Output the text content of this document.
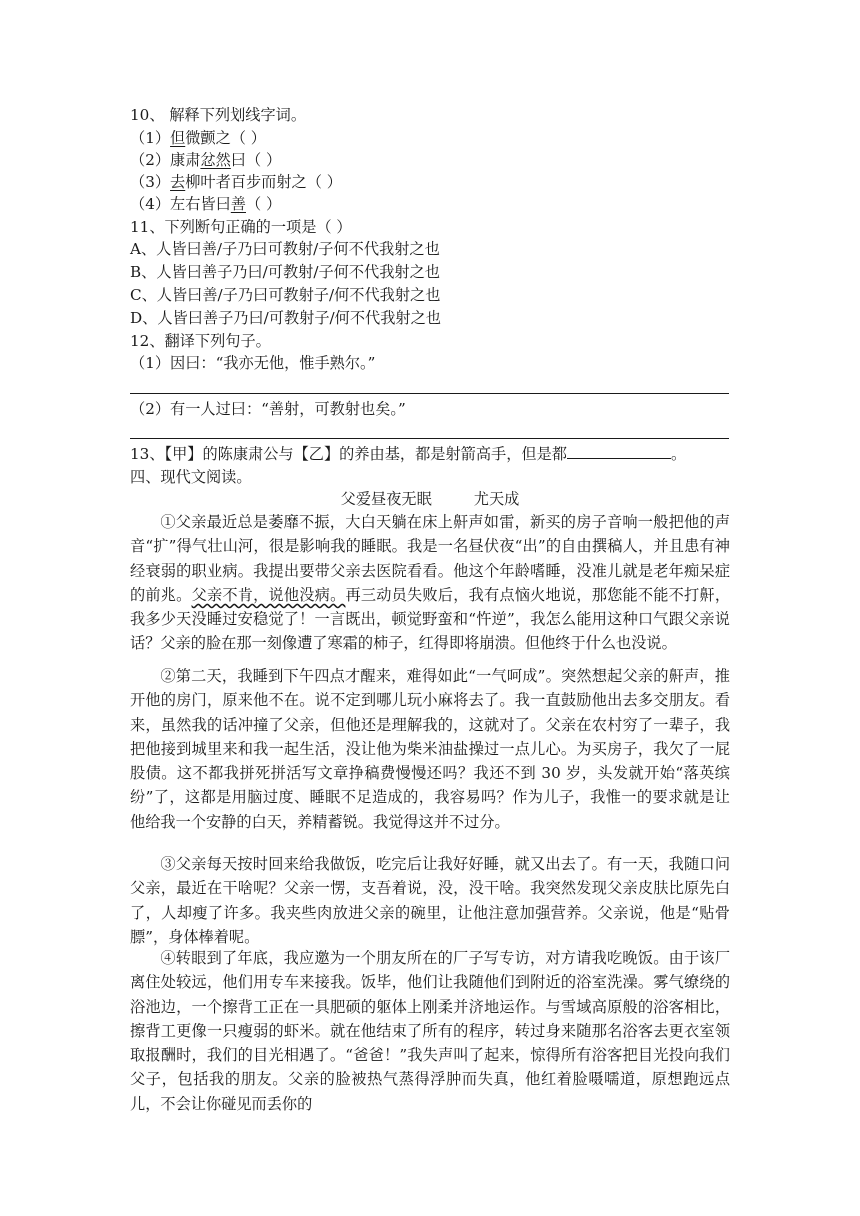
10、 解释下列划线字词。
（1）但微颤之（ ）
（2）康肃忿然曰（ ）
（3）去柳叶者百步而射之（ ）
（4）左右皆曰善（ ）
11、下列断句正确的一项是（ ）
A、人皆曰善/子乃曰可教射/子何不代我射之也
B、人皆曰善子乃曰/可教射/子何不代我射之也
C、人皆曰善/子乃曰可教射子/何不代我射之也
D、人皆曰善子乃曰/可教射子/何不代我射之也
12、翻译下列句子。
（1）因曰：“我亦无他，惟手熟尔。”
（2）有一人过曰：“善射，可教射也矣。”
13、【甲】的陈康肃公与【乙】的养由基，都是射箭高手，但是都	。
四、现代文阅读。
父爱昼夜无眠	尤天成

①父亲最近总是萎靡不振，大白天躺在床上鼾声如雷，新买的房子音响一般把他的声音“扩”得气壮山河，很是影响我的睡眠。我是一名昼伏夜“出”的自由撰稿人，并且患有神经衰弱的职业病。我提出要带父亲去医院看看。他这个年龄嗜睡，没准儿就是老年痴呆症的前兆。父亲不肯，说他没病。再三动员失败后，我有点恼火地说，那您能不能不打鼾，我多少天没睡过安稳觉了！一言既出，顿觉野蛮和“忤逆”，我怎么能用这种口气跟父亲说话？父亲的脸在那一刻像遭了寒霜的柿子，红得即将崩溃。但他终于什么也没说。

②第二天，我睡到下午四点才醒来，难得如此“一气呵成”。突然想起父亲的鼾声，推开他的房门，原来他不在。说不定到哪儿玩小麻将去了。我一直鼓励他出去多交朋友。看来，虽然我的话冲撞了父亲，但他还是理解我的，这就对了。父亲在农村穷了一辈子，我把他接到城里来和我一起生活，没让他为柴米油盐操过一点儿心。为买房子，我欠了一屁股债。这不都我拼死拼活写文章挣稿费慢慢还吗？我还不到 30 岁，头发就开始“落英缤纷”了，这都是用脑过度、睡眠不足造成的，我容易吗？作为儿子，我惟一的要求就是让他给我一个安静的白天，养精蓄锐。我觉得这并不过分。

③父亲每天按时回来给我做饭，吃完后让我好好睡，就又出去了。有一天，我随口问父亲，最近在干啥呢？父亲一愣，支吾着说，没，没干啥。我突然发现父亲皮肤比原先白了，人却瘦了许多。我夹些肉放进父亲的碗里，让他注意加强营养。父亲说，他是“贴骨膘”，身体棒着呢。

④转眼到了年底，我应邀为一个朋友所在的厂子写专访，对方请我吃晚饭。由于该厂离住处较远，他们用专车来接我。饭毕，他们让我随他们到附近的浴室洗澡。雾气缭绕的浴池边，一个擦背工正在一具肥硕的躯体上刚柔并济地运作。与雪域高原般的浴客相比，擦背工更像一只瘦弱的虾米。就在他结束了所有的程序，转过身来随那名浴客去更衣室领取报酬时，我们的目光相遇了。“爸爸！”我失声叫了起来，惊得所有浴客把目光投向我们父子，包括我的朋友。父亲的脸被热气蒸得浮肿而失真，他红着脸嗫嚅道，原想跑远点儿，不会让你碰见而丢你的
